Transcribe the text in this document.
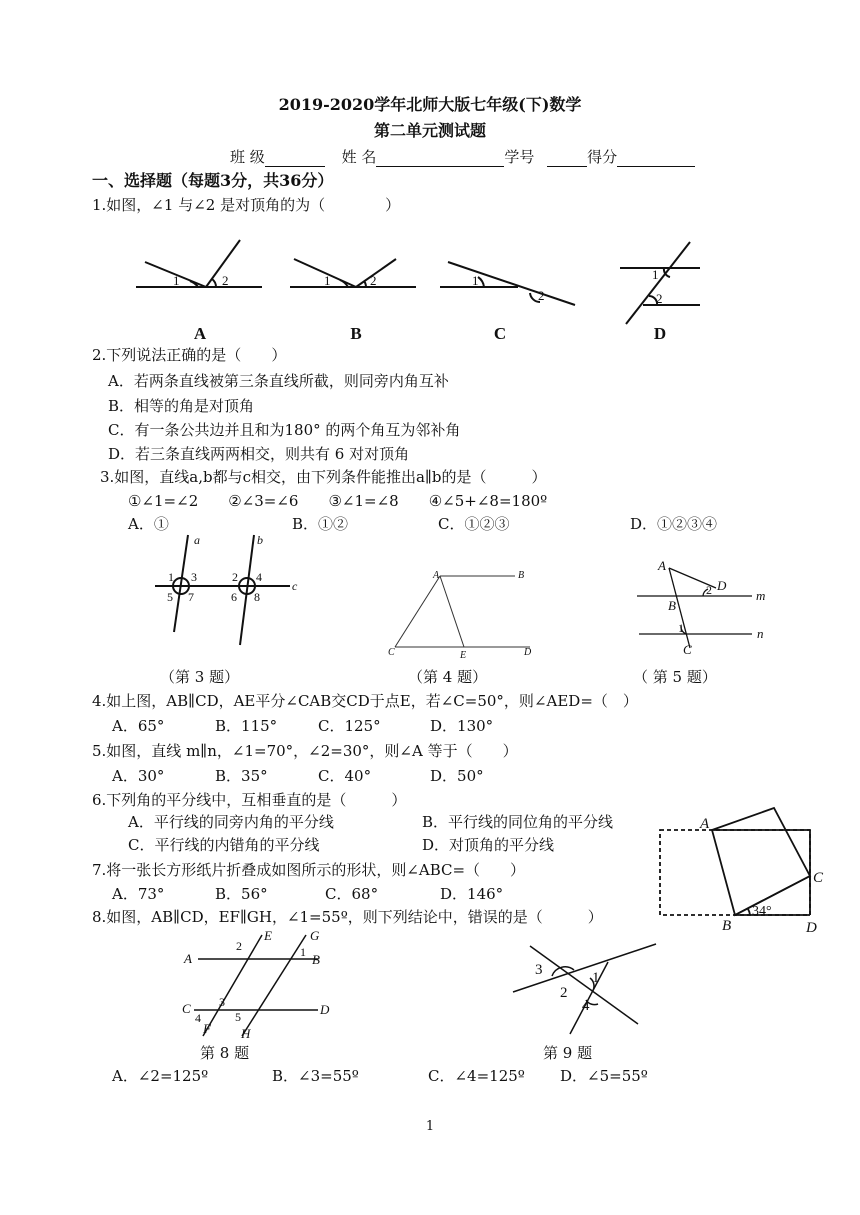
2019-2020学年北师大版七年级(下)数学
第二单元测试题
班 级	姓 名	学号	得分
一、选择题（每题3分，共36分）
1.如图，∠1 与∠2 是对顶角的为（　　　　）
1	2	1	2	1
2
1
2
A	B	C	D
2.下列说法正确的是（　　）
A．若两条直线被第三条直线所截，则同旁内角互补
B．相等的角是对顶角
C．有一条公共边并且和为180° 的两个角互为邻补角
D．若三条直线两两相交，则共有 6 对对顶角
3.如图，直线a,b都与c相交，由下列条件能推出a∥b的是（　　　）
①∠1=∠2　　②∠3=∠6　　③∠1=∠8　　④∠5+∠8=180º
A．①	B．①②	C．①②③	D．①②③④
a	b
c
1 3
5 7
2 4
6 8
A	B
C	E	D
A
D
m
B
n
C
2
1
（第 3 题）	（第 4 题）	（ 第 5 题）
4.如上图，AB∥CD，AE平分∠CAB交CD于点E，若∠C=50°，则∠AED=（　）
A．65°	B．115°	C．125°	D．130°
5.如图，直线 m∥n，∠1=70°，∠2=30°，则∠A 等于（　　）
A．30°	B．35°	C．40°	D．50°
6.下列角的平分线中，互相垂直的是（　　　）
A．平行线的同旁内角的平分线	B．平行线的同位角的平分线
C．平行线的内错角的平分线	D．对顶角的平分线
7.将一张长方形纸片折叠成如图所示的形状，则∠ABC=（　　）
A．73°	B．56°	C．68°	D．146°
A
C
B	D
34°
8.如图，AB∥CD，EF∥GH，∠1=55º，则下列结论中，错误的是（　　　）
A	B
C	D
E	G
F H
2	1
3
4	5
3	1
2
4
第 8 题	第 9 题
A．∠2=125º	B．∠3=55º	C．∠4=125º D．∠5=55º
1
